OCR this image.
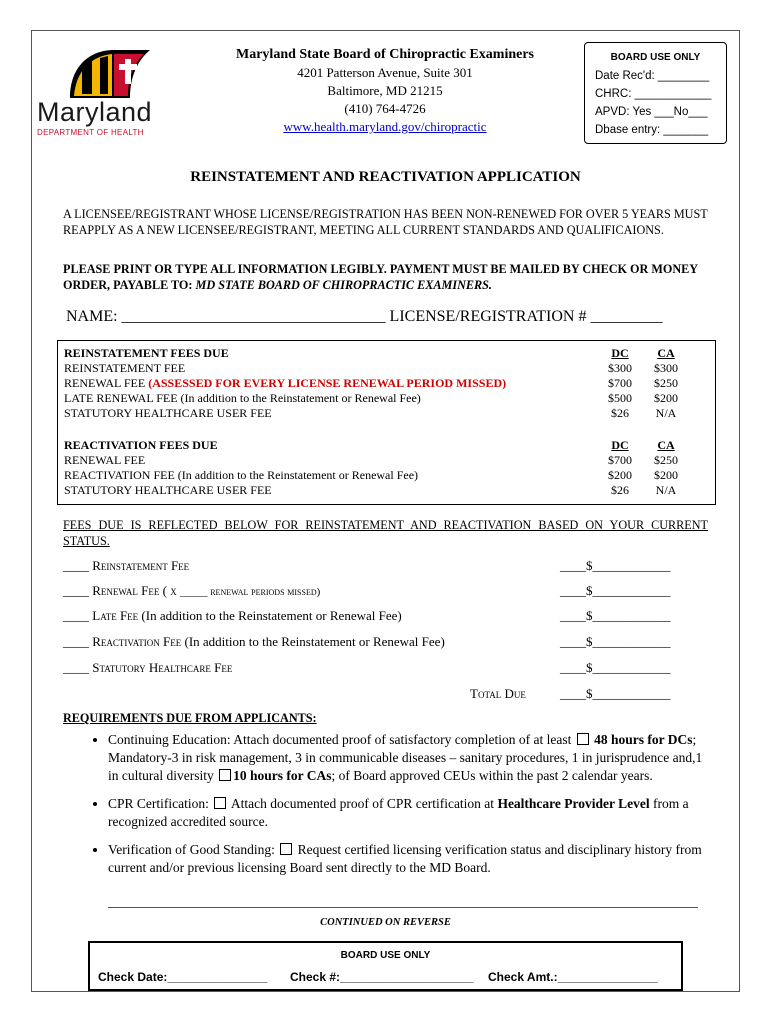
Maryland
DEPARTMENT OF HEALTH
Maryland State Board of Chiropractic Examiners
4201 Patterson Avenue, Suite 301
Baltimore, MD 21215
(410) 764-4726
www.health.maryland.gov/chiropractic
BOARD USE ONLY
Date Rec'd: ________
CHRC: ____________
APVD: Yes ___No___
Dbase entry: _______
REINSTATEMENT AND REACTIVATION APPLICATION
A LICENSEE/REGISTRANT WHOSE LICENSE/REGISTRATION HAS BEEN NON-RENEWED FOR OVER 5 YEARS MUST REAPPLY AS A NEW LICENSEE/REGISTRANT, MEETING ALL CURRENT STANDARDS AND QUALIFICAIONS.
PLEASE PRINT OR TYPE ALL INFORMATION LEGIBLY. PAYMENT MUST BE MAILED BY CHECK OR MONEY ORDER, PAYABLE TO: MD STATE BOARD OF CHIROPRACTIC EXAMINERS.
NAME: _________________________________ LICENSE/REGISTRATION # _________
REINSTATEMENT FEES DUE	DC	CA
REINSTATEMENT FEE	$300	$300
RENEWAL FEE (ASSESSED FOR EVERY LICENSE RENEWAL PERIOD MISSED)	$700	$250
LATE RENEWAL FEE (In addition to the Reinstatement or Renewal Fee)	$500	$200
STATUTORY HEALTHCARE USER FEE	$26	N/A
REACTIVATION FEES DUE	DC	CA
RENEWAL FEE	$700	$250
REACTIVATION FEE (In addition to the Reinstatement or Renewal Fee)	$200	$200
STATUTORY HEALTHCARE USER FEE	$26	N/A
FEES DUE IS REFLECTED BELOW FOR REINSTATEMENT AND REACTIVATION BASED ON YOUR CURRENT STATUS.
____ Reinstatement Fee	____$____________
____ Renewal Fee ( x _____ renewal periods missed)	____$____________
____ Late Fee (In addition to the Reinstatement or Renewal Fee)	____$____________
____ Reactivation Fee (In addition to the Reinstatement or Renewal Fee)	____$____________
____ Statutory Healthcare Fee	____$____________
Total Due	____$____________
REQUIREMENTS DUE FROM APPLICANTS:
• Continuing Education: Attach documented proof of satisfactory completion of at least  48 hours for DCs; Mandatory-3 in risk management, 3 in communicable diseases – sanitary procedures, 1 in jurisprudence and,1 in cultural diversity 10 hours for CAs; of Board approved CEUs within the past 2 calendar years.
• CPR Certification:  Attach documented proof of CPR certification at Healthcare Provider Level from a recognized accredited source.
• Verification of Good Standing:  Request certified licensing verification status and disciplinary history from current and/or previous licensing Board sent directly to the MD Board.
CONTINUED ON REVERSE
BOARD USE ONLY
Check Date:_______________ Check #:____________________ Check Amt.:_______________
